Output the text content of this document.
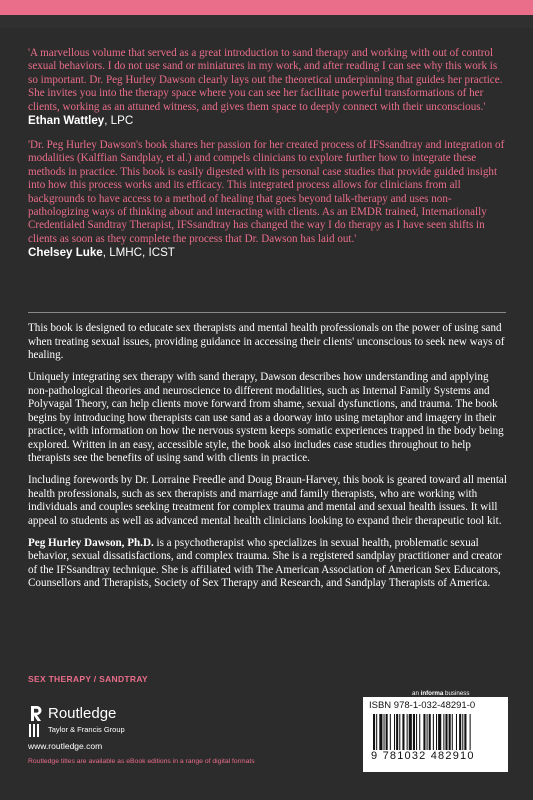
'A marvellous volume that served as a great introduction to sand therapy and working with out of control sexual behaviors. I do not use sand or miniatures in my work, and after reading I can see why this work is so important. Dr. Peg Hurley Dawson clearly lays out the theoretical underpinning that guides her practice. She invites you into the therapy space where you can see her facilitate powerful transformations of her clients, working as an attuned witness, and gives them space to deeply connect with their unconscious.'

Ethan Wattley, LPC

'Dr. Peg Hurley Dawson's book shares her passion for her created process of IFSsandtray and integration of modalities (Kalffian Sandplay, et al.) and compels clinicians to explore further how to integrate these methods in practice. This book is easily digested with its personal case studies that provide guided insight into how this process works and its efficacy. This integrated process allows for clinicians from all backgrounds to have access to a method of healing that goes beyond talk-therapy and uses non-pathologizing ways of thinking about and interacting with clients. As an EMDR trained, Internationally Credentialed Sandtray Therapist, IFSsandtray has changed the way I do therapy as I have seen shifts in clients as soon as they complete the process that Dr. Dawson has laid out.'

Chelsey Luke, LMHC, ICST

This book is designed to educate sex therapists and mental health professionals on the power of using sand when treating sexual issues, providing guidance in accessing their clients' unconscious to seek new ways of healing.

Uniquely integrating sex therapy with sand therapy, Dawson describes how understanding and applying non-pathological theories and neuroscience to different modalities, such as Internal Family Systems and Polyvagal Theory, can help clients move forward from shame, sexual dysfunctions, and trauma. The book begins by introducing how therapists can use sand as a doorway into using metaphor and imagery in their practice, with information on how the nervous system keeps somatic experiences trapped in the body being explored. Written in an easy, accessible style, the book also includes case studies throughout to help therapists see the benefits of using sand with clients in practice.

Including forewords by Dr. Lorraine Freedle and Doug Braun-Harvey, this book is geared toward all mental health professionals, such as sex therapists and marriage and family therapists, who are working with individuals and couples seeking treatment for complex trauma and mental and sexual health issues. It will appeal to students as well as advanced mental health clinicians looking to expand their therapeutic tool kit.

Peg Hurley Dawson, Ph.D. is a psychotherapist who specializes in sexual health, problematic sexual behavior, sexual dissatisfactions, and complex trauma. She is a registered sandplay practitioner and creator of the IFSsandtray technique. She is affiliated with The American Association of American Sex Educators, Counsellors and Therapists, Society of Sex Therapy and Research, and Sandplay Therapists of America.

SEX THERAPY / SANDTRAY
Routledge
Taylor & Francis Group
www.routledge.com
Routledge titles are available as eBook editions in a range of digital formats
an informa business
ISBN 978-1-032-48291-0
9 781032 482910
